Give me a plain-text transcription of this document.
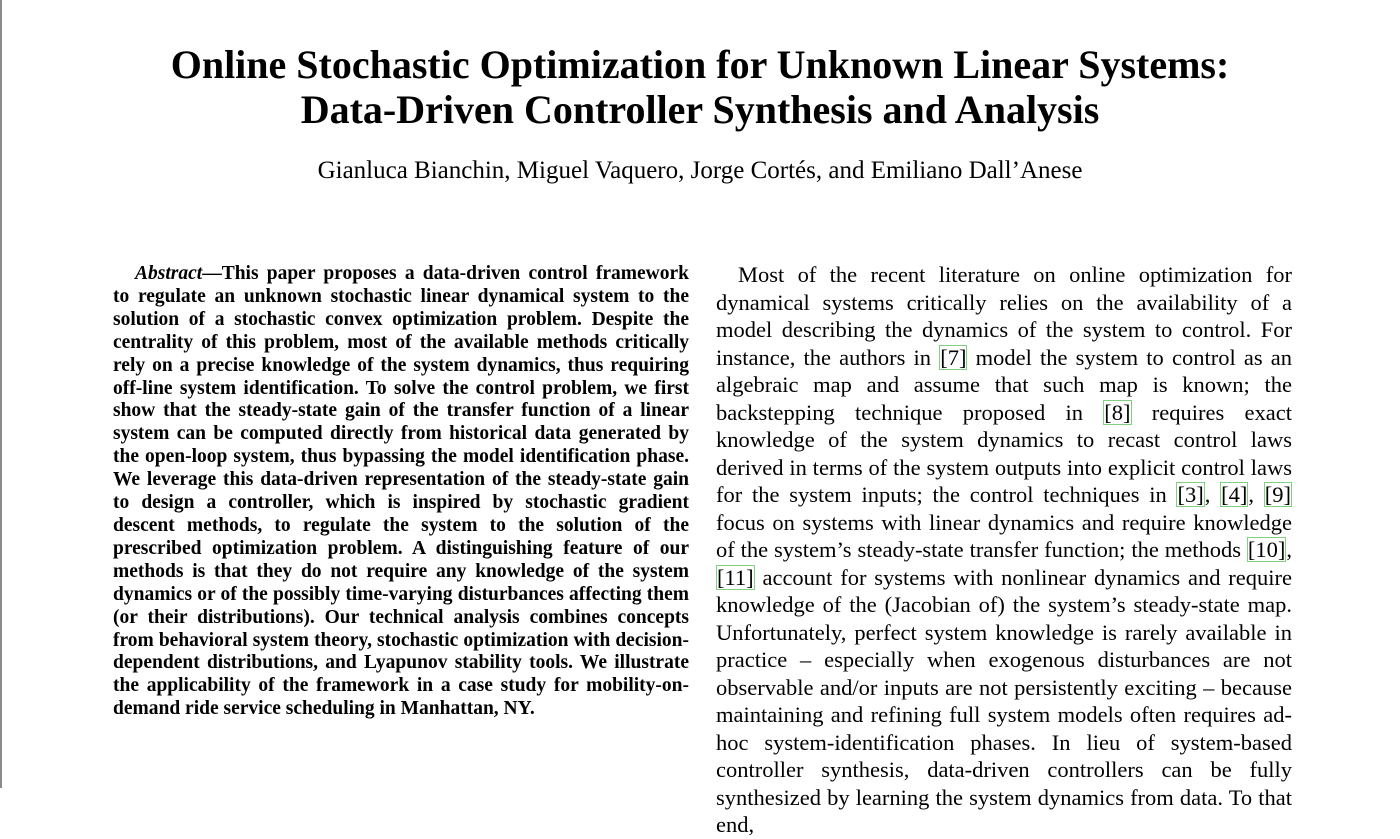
Online Stochastic Optimization for Unknown Linear Systems:
Data-Driven Controller Synthesis and Analysis

Gianluca Bianchin, Miguel Vaquero, Jorge Cortés, and Emiliano Dall’Anese

Abstract—This paper proposes a data-driven control framework to regulate an unknown stochastic linear dynamical system to the solution of a stochastic convex optimization problem. Despite the centrality of this problem, most of the available methods critically rely on a precise knowledge of the system dynamics, thus requiring off-line system identification. To solve the control problem, we first show that the steady-state gain of the transfer function of a linear system can be computed directly from historical data generated by the open-loop system, thus bypassing the model identification phase. We leverage this data-driven representation of the steady-state gain to design a controller, which is inspired by stochastic gradient descent methods, to regulate the system to the solution of the prescribed optimization problem. A distinguishing feature of our methods is that they do not require any knowledge of the system dynamics or of the possibly time-varying disturbances affecting them (or their distributions). Our technical analysis combines concepts from behavioral system theory, stochastic optimization with decision-dependent distributions, and Lyapunov stability tools. We illustrate the applicability of the framework in a case study for mobility-on-demand ride service scheduling in Manhattan, NY.

Most of the recent literature on online optimization for dynamical systems critically relies on the availability of a model describing the dynamics of the system to control. For instance, the authors in [7] model the system to control as an algebraic map and assume that such map is known; the backstepping technique proposed in [8] requires exact knowledge of the system dynamics to recast control laws derived in terms of the system outputs into explicit control laws for the system inputs; the control techniques in [3], [4], [9] focus on systems with linear dynamics and require knowledge of the system’s steady-state transfer function; the methods [10], [11] account for systems with nonlinear dynamics and require knowledge of the (Jacobian of) the system’s steady-state map. Unfortunately, perfect system knowledge is rarely available in practice – especially when exogenous disturbances are not observable and/or inputs are not persistently exciting – because maintaining and refining full system models often requires ad-hoc system-identification phases. In lieu of system-based controller synthesis, data-driven controllers can be fully synthesized by learning the system dynamics from data. To that end,
